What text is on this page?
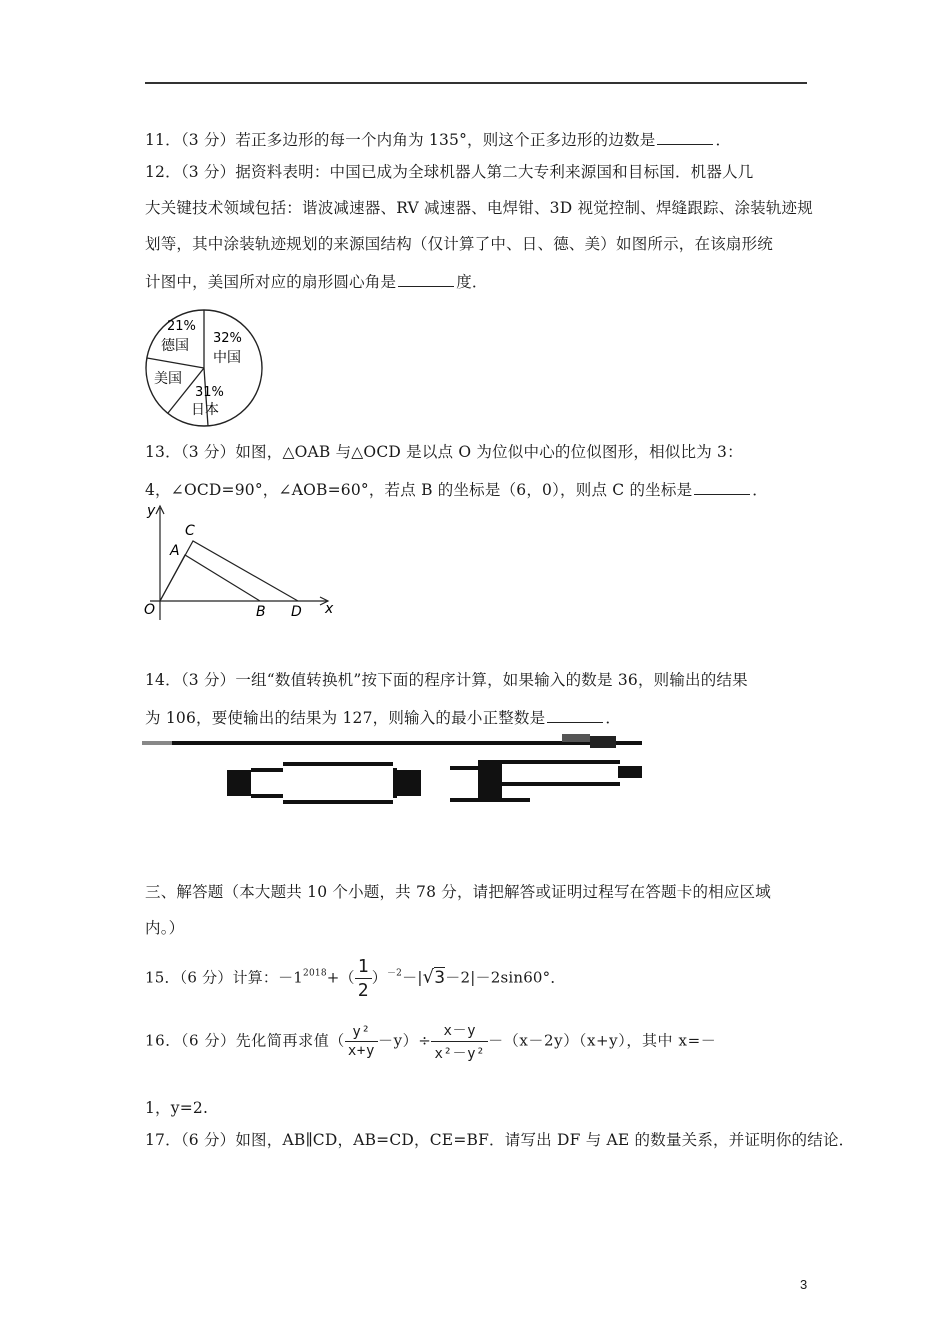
11．（3 分）若正多边形的每一个内角为 135°，则这个正多边形的边数是	．
12．（3 分）据资料表明：中国已成为全球机器人第二大专利来源国和目标国．机器人几
大关键技术领域包括：谐波减速器、RV 减速器、电焊钳、3D 视觉控制、焊缝跟踪、涂装轨迹规
划等，其中涂装轨迹规划的来源国结构（仅计算了中、日、德、美）如图所示，在该扇形统
计图中，美国所对应的扇形圆心角是	度．
32%
中国
31%
日本
美国
21%
德国
13．（3 分）如图，△OAB 与△OCD 是以点 O 为位似中心的位似图形，相似比为 3：
4，∠OCD=90°，∠AOB=60°，若点 B 的坐标是（6，0），则点 C 的坐标是	．
y
x
O
A
B
C
D
14．（3 分）一组“数值转换机”按下面的程序计算，如果输入的数是 36，则输出的结果
为 106，要使输出的结果为 127，则输入的最小正整数是	．
三、解答题（本大题共 10 个小题，共 78 分，请把解答或证明过程写在答题卡的相应区域
内。）
15．（6 分）计算：$-1^{2018}+( \frac{1}{2} )^{-2}-|√3-2|-2\sin 60^\circ$．
16．（6 分）先化简再求值（ $\frac{\text{y²}}{x+y} -y)\div \frac{x-y}{\text{x²－y²}} -(x-2y)(x+y)$，其中 x=－
1，y=2.
17．（6 分）如图，AB∥CD，AB=CD，CE=BF．请写出 DF 与 AE 的数量关系，并证明你的结论．
3
